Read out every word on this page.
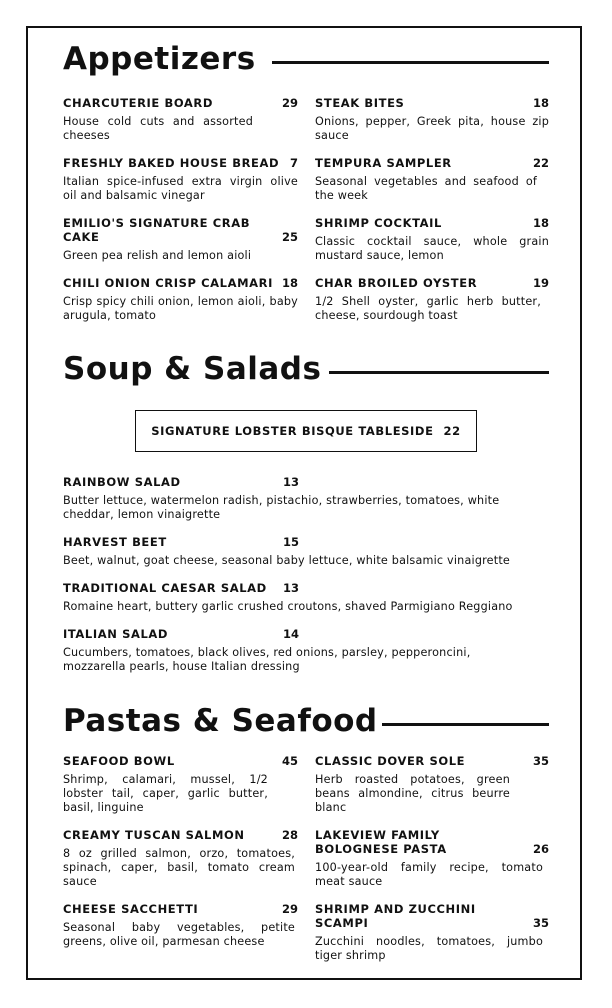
Appetizers
CHARCUTERIE BOARD	29
House cold cuts and assorted cheeses
STEAK BITES	18
Onions, pepper, Greek pita, house zip sauce
FRESHLY BAKED HOUSE BREAD 7
Italian spice-infused extra virgin olive oil and balsamic vinegar
TEMPURA SAMPLER	22
Seasonal vegetables and seafood of the week
EMILIO'S SIGNATURE CRAB CAKE	25
Green pea relish and lemon aioli
SHRIMP COCKTAIL	18
Classic cocktail sauce, whole grain mustard sauce, lemon
CHILI ONION CRISP CALAMARI 18
Crisp spicy chili onion, lemon aioli, baby arugula, tomato
CHAR BROILED OYSTER	19
1/2 Shell oyster, garlic herb butter, cheese, sourdough toast
Soup & Salads
SIGNATURE LOBSTER BISQUE TABLESIDE 22
RAINBOW SALAD	13
Butter lettuce, watermelon radish, pistachio, strawberries, tomatoes, white cheddar, lemon vinaigrette
HARVEST BEET	15
Beet, walnut, goat cheese, seasonal baby lettuce, white balsamic vinaigrette
TRADITIONAL CAESAR SALAD	13
Romaine heart, buttery garlic crushed croutons, shaved Parmigiano Reggiano
ITALIAN SALAD	14
Cucumbers, tomatoes, black olives, red onions, parsley, pepperoncini, mozzarella pearls, house Italian dressing
Pastas & Seafood
SEAFOOD BOWL	45
Shrimp, calamari, mussel, 1/2 lobster tail, caper, garlic butter, basil, linguine
CLASSIC DOVER SOLE	35
Herb roasted potatoes, green beans almondine, citrus beurre blanc
CREAMY TUSCAN SALMON	28
8 oz grilled salmon, orzo, tomatoes, spinach, caper, basil, tomato cream sauce
LAKEVIEW FAMILY BOLOGNESE PASTA	26
100-year-old family recipe, tomato meat sauce
CHEESE SACCHETTI	29
Seasonal baby vegetables, petite greens, olive oil, parmesan cheese
SHRIMP AND ZUCCHINI SCAMPI	35
Zucchini noodles, tomatoes, jumbo tiger shrimp
